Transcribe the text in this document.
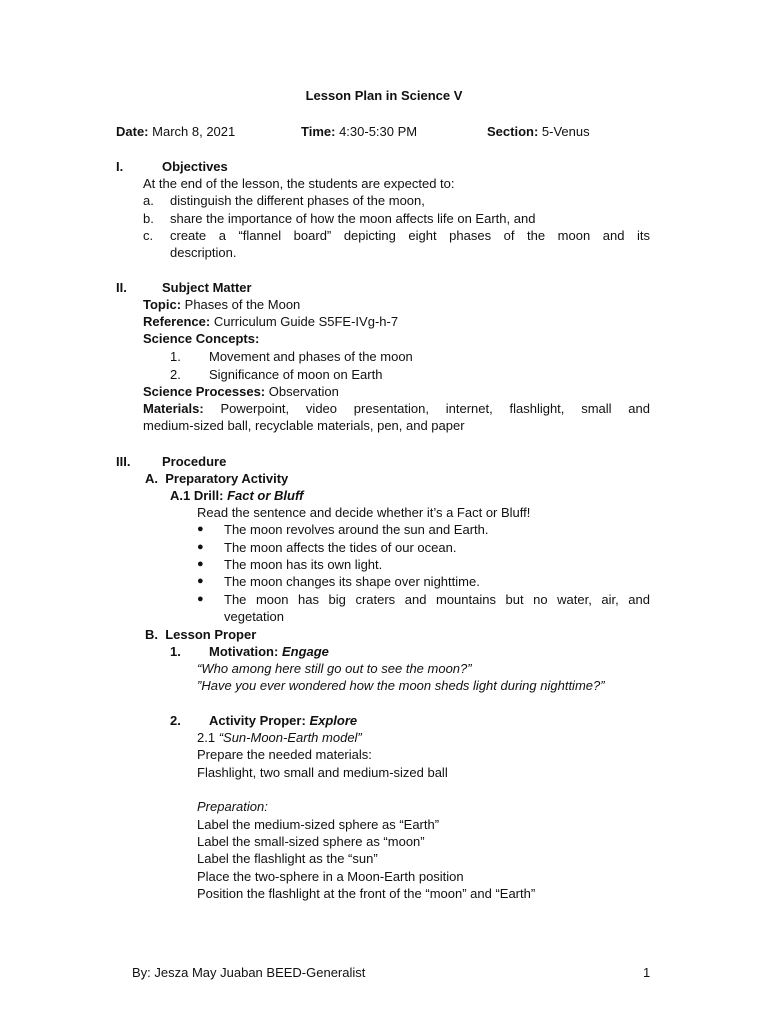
Lesson Plan in Science V
Date: March 8, 2021	Time: 4:30-5:30 PM	Section: 5-Venus
I.	Objectives
At the end of the lesson, the students are expected to:
a. distinguish the different phases of the moon,
b. share the importance of how the moon affects life on Earth, and
c. create a “flannel board” depicting eight phases of the moon and its
description.
II.	Subject Matter
Topic: Phases of the Moon
Reference: Curriculum Guide S5FE-IVg-h-7
Science Concepts:
1. Movement and phases of the moon
2. Significance of moon on Earth
Science Processes: Observation
Materials: Powerpoint, video presentation, internet, flashlight, small and
medium-sized ball, recyclable materials, pen, and paper
III. Procedure
A.  Preparatory Activity
A.1 Drill: Fact or Bluff
Read the sentence and decide whether it’s a Fact or Bluff!
● The moon revolves around the sun and Earth.
● The moon affects the tides of our ocean.
● The moon has its own light.
● The moon changes its shape over nighttime.
● The moon has big craters and mountains but no water, air, and
vegetation
B.  Lesson Proper
1. Motivation: Engage
“Who among here still go out to see the moon?”
”Have you ever wondered how the moon sheds light during nighttime?”
2. Activity Proper: Explore
2.1 “Sun-Moon-Earth model”
Prepare the needed materials:
Flashlight, two small and medium-sized ball
Preparation:
Label the medium-sized sphere as “Earth”
Label the small-sized sphere as “moon”
Label the flashlight as the “sun”
Place the two-sphere in a Moon-Earth position
Position the flashlight at the front of the “moon” and “Earth”
By: Jesza May Juaban BEED-Generalist	1
